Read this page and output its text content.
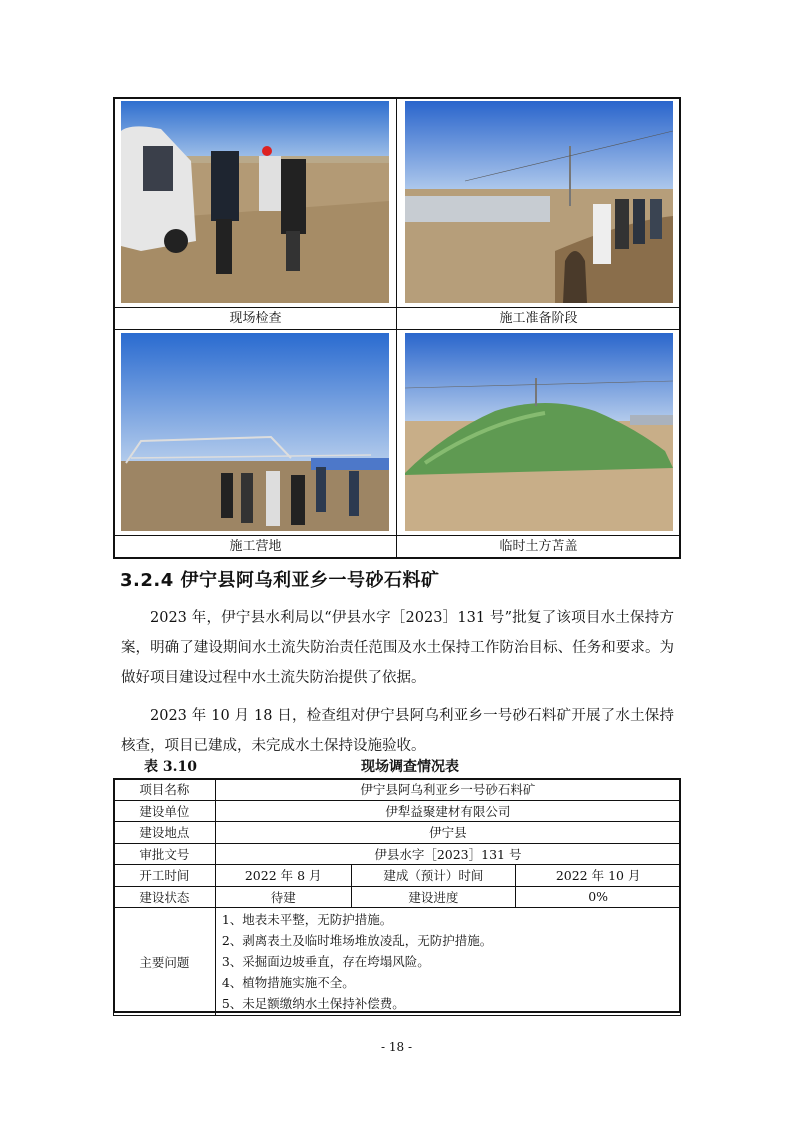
现场检查	施工准备阶段
施工营地	临时土方苫盖
3.2.4 伊宁县阿乌利亚乡一号砂石料矿
2023 年，伊宁县水利局以“伊县水字［2023］131 号”批复了该项目水土保持方案，明确了建设期间水土流失防治责任范围及水土保持工作防治目标、任务和要求。为做好项目建设过程中水土流失防治提供了依据。
2023 年 10 月 18 日，检查组对伊宁县阿乌利亚乡一号砂石料矿开展了水土保持核查，项目已建成，未完成水土保持设施验收。
表 3.10	现场调查情况表
项目名称	伊宁县阿乌利亚乡一号砂石料矿		
建设单位	伊犁益聚建材有限公司		
建设地点	伊宁县		
审批文号	伊县水字［2023］131 号		
开工时间	2022 年 8 月	建成（预计）时间	2022 年 10 月
建设状态	待建	建设进度	0%
主要问题	1、地表未平整，无防护措施。
2、剥离表土及临时堆场堆放凌乱，无防护措施。
3、采掘面边坡垂直，存在垮塌风险。
4、植物措施实施不全。
5、未足额缴纳水土保持补偿费。		
- 18 -
